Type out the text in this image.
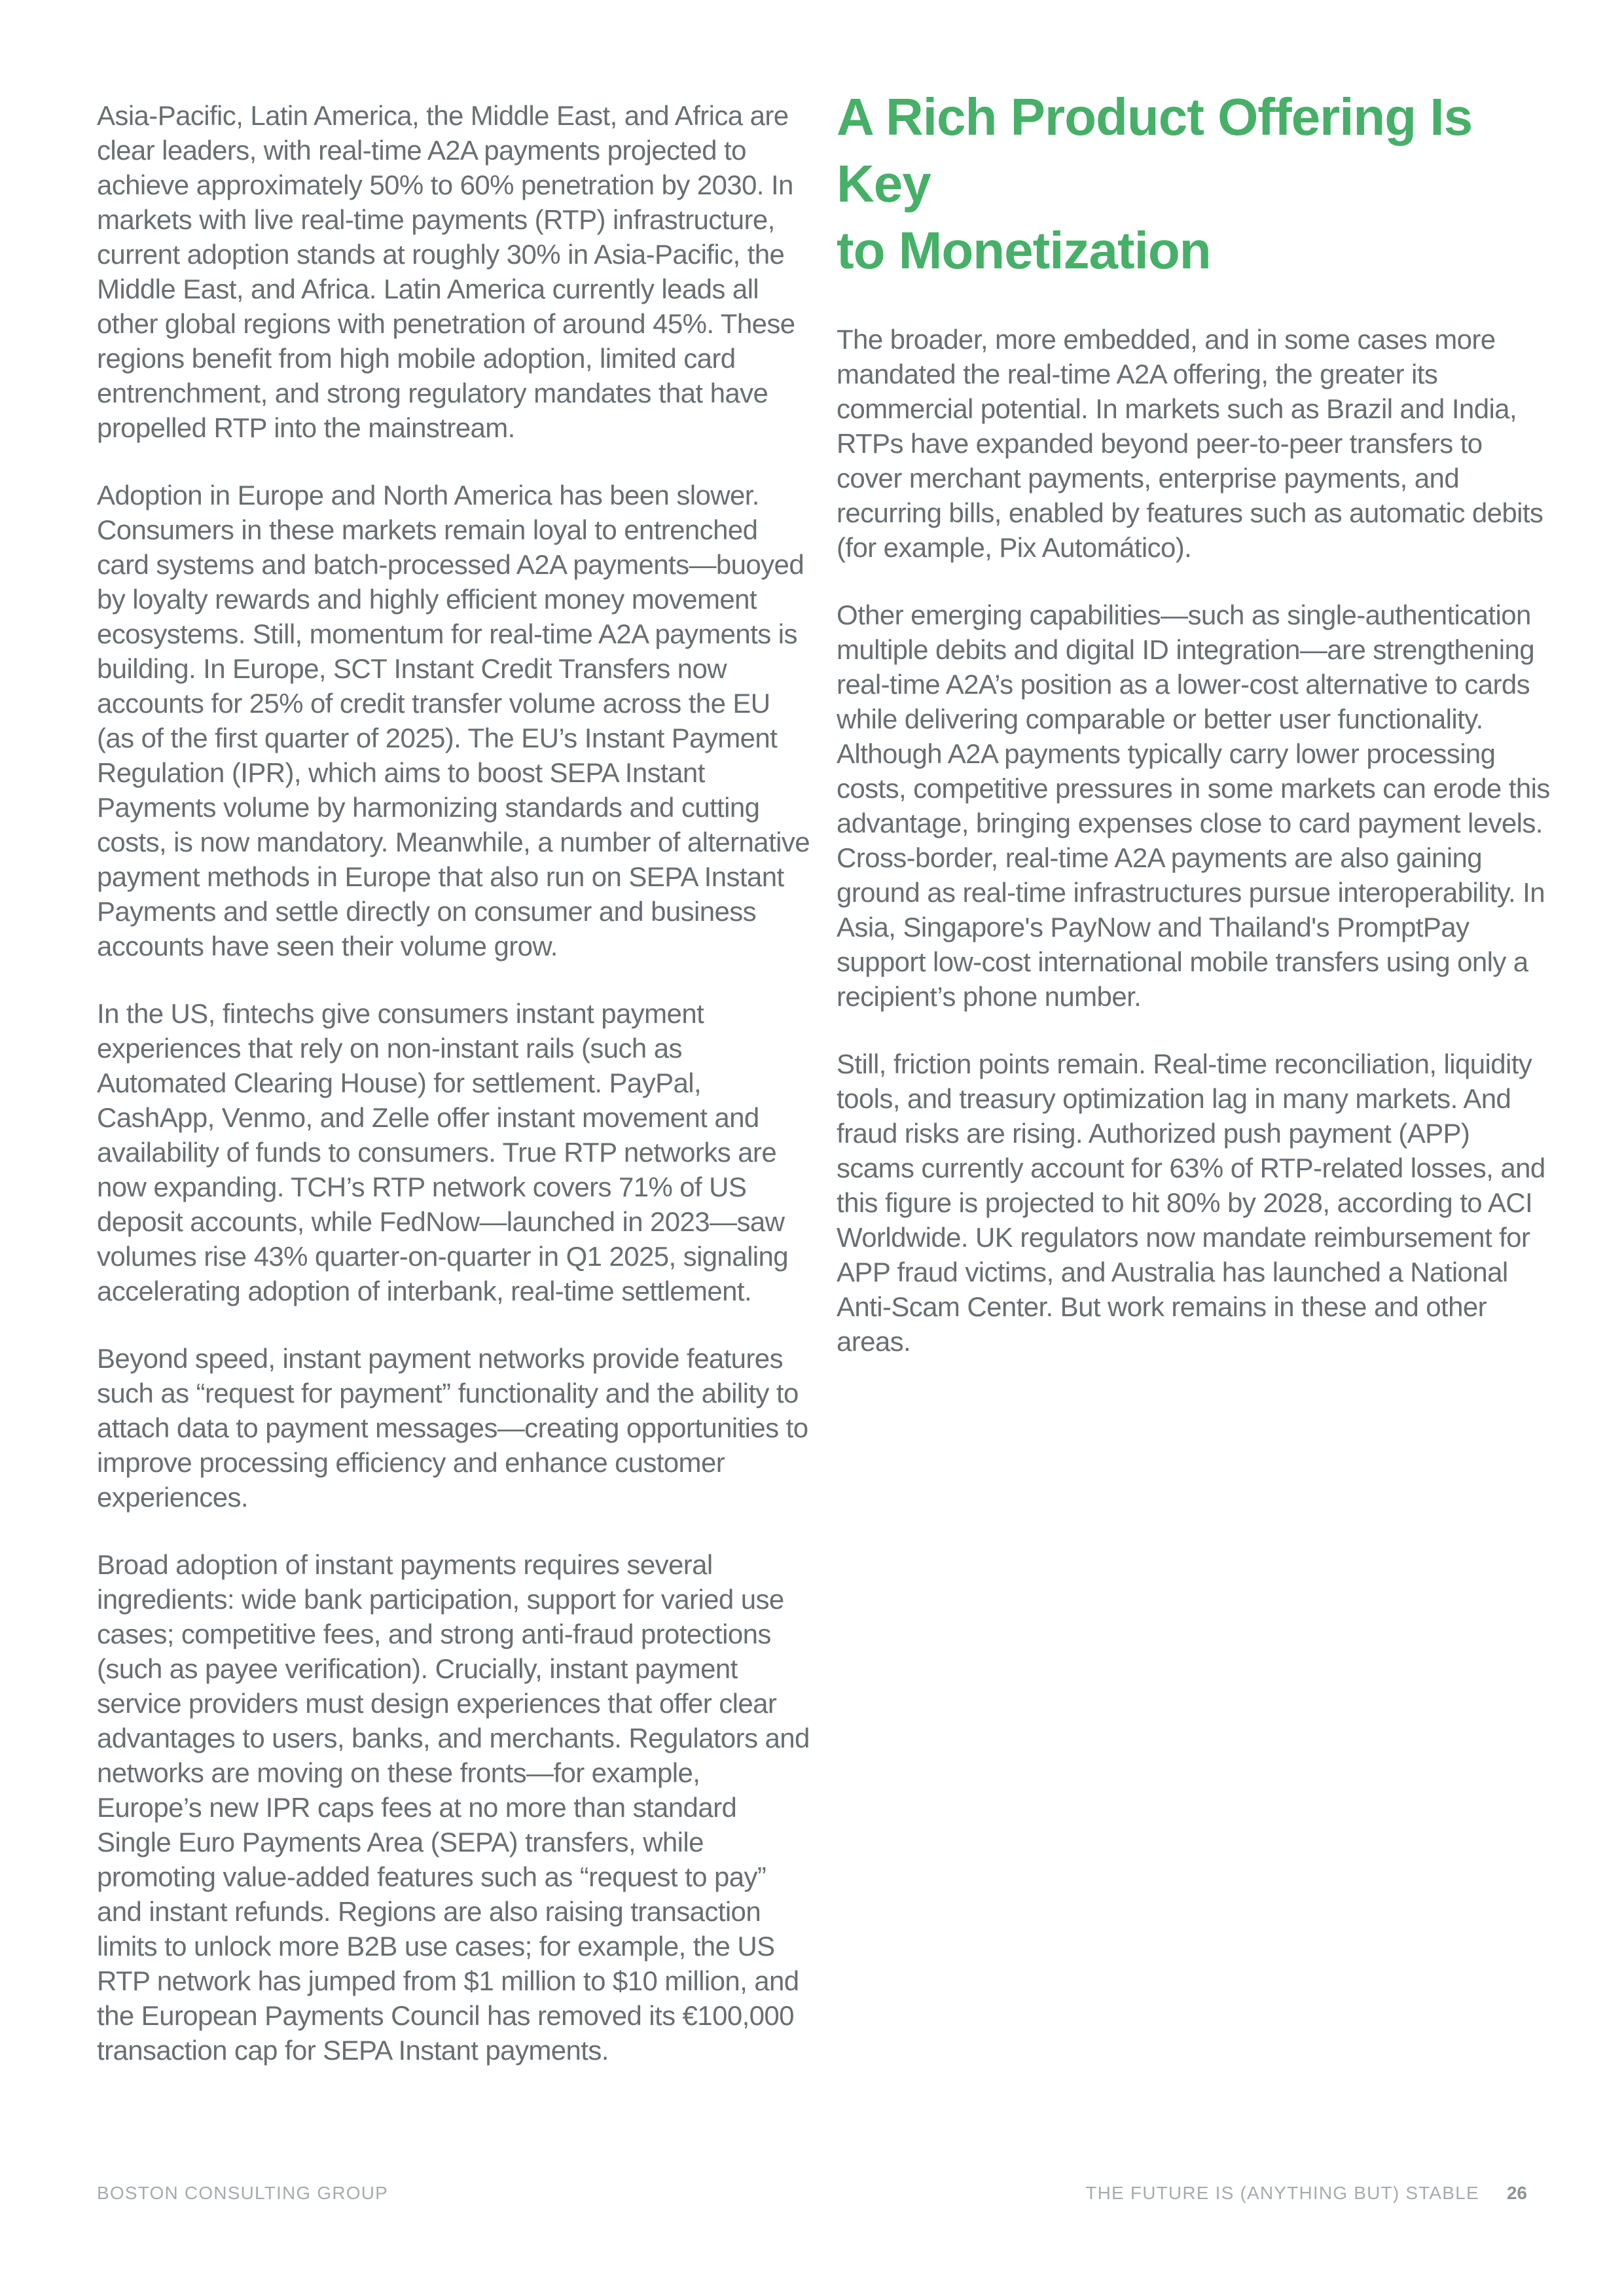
Asia-Pacific, Latin America, the Middle East, and Africa are clear leaders, with real-time A2A payments projected to achieve approximately 50% to 60% penetration by 2030. In markets with live real-time payments (RTP) infrastructure, current adoption stands at roughly 30% in Asia-Pacific, the Middle East, and Africa. Latin America currently leads all other global regions with penetration of around 45%. These regions benefit from high mobile adoption, limited card entrenchment, and strong regulatory mandates that have propelled RTP into the mainstream.

Adoption in Europe and North America has been slower. Consumers in these markets remain loyal to entrenched card systems and batch-processed A2A payments—buoyed by loyalty rewards and highly efficient money movement ecosystems. Still, momentum for real-time A2A payments is building. In Europe, SCT Instant Credit Transfers now accounts for 25% of credit transfer volume across the EU (as of the first quarter of 2025). The EU’s Instant Payment Regulation (IPR), which aims to boost SEPA Instant Payments volume by harmonizing standards and cutting costs, is now mandatory. Meanwhile, a number of alternative payment methods in Europe that also run on SEPA Instant Payments and settle directly on consumer and business accounts have seen their volume grow.

In the US, fintechs give consumers instant payment experiences that rely on non-instant rails (such as Automated Clearing House) for settlement. PayPal, CashApp, Venmo, and Zelle offer instant movement and availability of funds to consumers. True RTP networks are now expanding. TCH’s RTP network covers 71% of US deposit accounts, while FedNow—launched in 2023—saw volumes rise 43% quarter-on-quarter in Q1 2025, signaling accelerating adoption of interbank, real-time settlement.

Beyond speed, instant payment networks provide features such as “request for payment” functionality and the ability to attach data to payment messages—creating opportunities to improve processing efficiency and enhance customer experiences.

Broad adoption of instant payments requires several ingredients: wide bank participation, support for varied use cases; competitive fees, and strong anti-fraud protections (such as payee verification). Crucially, instant payment service providers must design experiences that offer clear advantages to users, banks, and merchants. Regulators and networks are moving on these fronts—for example, Europe’s new IPR caps fees at no more than standard Single Euro Payments Area (SEPA) transfers, while promoting value-added features such as “request to pay” and instant refunds. Regions are also raising transaction limits to unlock more B2B use cases; for example, the US RTP network has jumped from $1 million to $10 million, and the European Payments Council has removed its €100,000 transaction cap for SEPA Instant payments.

A Rich Product Offering Is Key
to Monetization

The broader, more embedded, and in some cases more mandated the real-time A2A offering, the greater its commercial potential. In markets such as Brazil and India, RTPs have expanded beyond peer-to-peer transfers to cover merchant payments, enterprise payments, and recurring bills, enabled by features such as automatic debits (for example, Pix Automático).

Other emerging capabilities—such as single-authentication multiple debits and digital ID integration—are strengthening real-time A2A’s position as a lower-cost alternative to cards while delivering comparable or better user functionality. Although A2A payments typically carry lower processing costs, competitive pressures in some markets can erode this advantage, bringing expenses close to card payment levels. Cross-border, real-time A2A payments are also gaining ground as real-time infrastructures pursue interoperability. In Asia, Singapore's PayNow and Thailand's PromptPay support low-cost international mobile transfers using only a recipient’s phone number.

Still, friction points remain. Real-time reconciliation, liquidity tools, and treasury optimization lag in many markets. And fraud risks are rising. Authorized push payment (APP) scams currently account for 63% of RTP-related losses, and this figure is projected to hit 80% by 2028, according to ACI Worldwide. UK regulators now mandate reimbursement for APP fraud victims, and Australia has launched a National Anti-Scam Center. But work remains in these and other areas.

BOSTON CONSULTING GROUP	THE FUTURE IS (ANYTHING BUT) STABLE 26
